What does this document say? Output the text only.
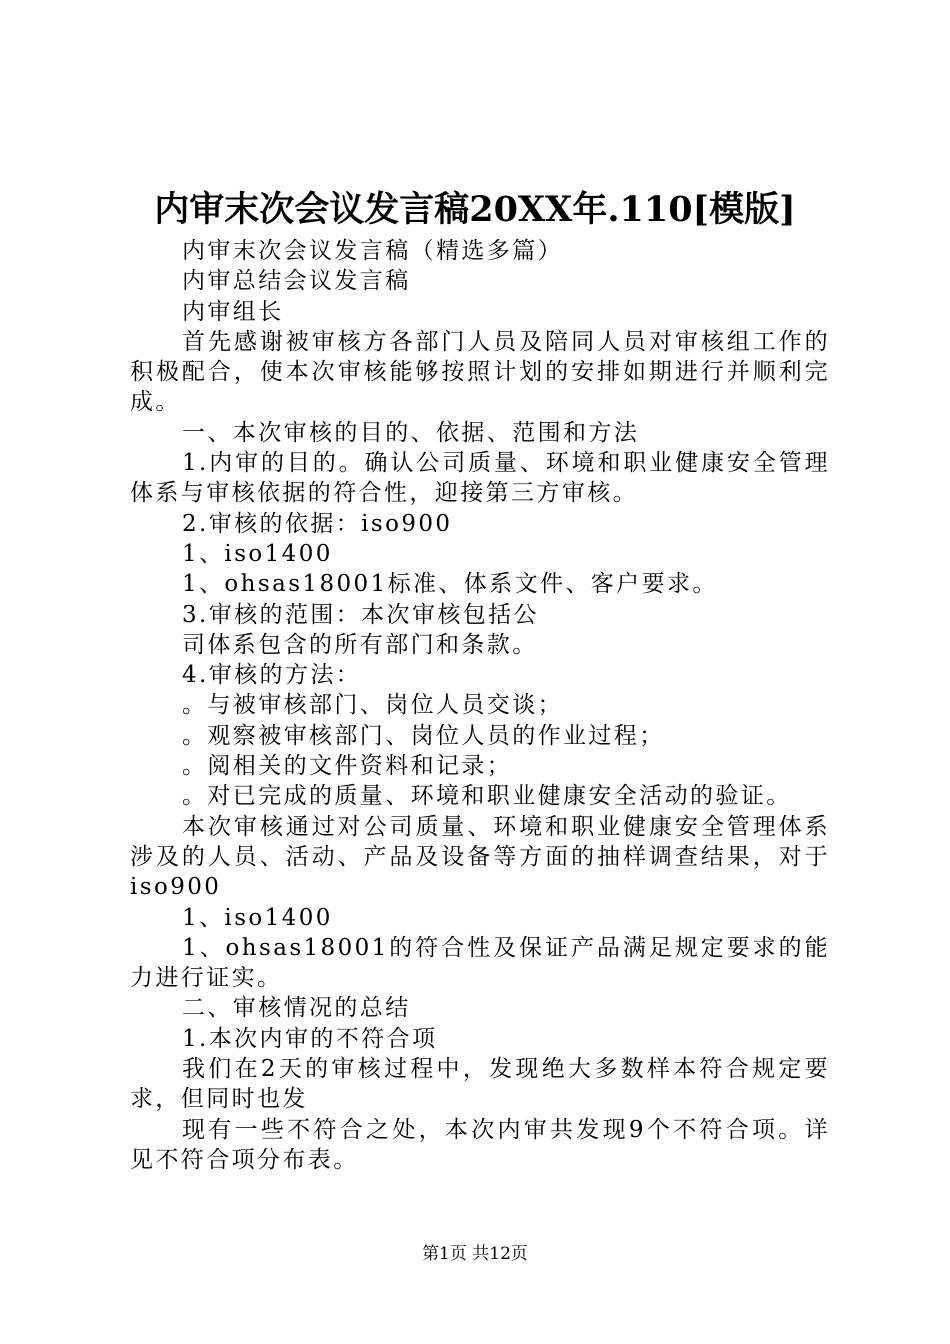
内审末次会议发言稿20XX年.110[模版]

内审末次会议发言稿（精选多篇）

内审总结会议发言稿

内审组长

首先感谢被审核方各部门人员及陪同人员对审核组工作的积极配合，使本次审核能够按照计划的安排如期进行并顺利完成。

一、本次审核的目的、依据、范围和方法

1.内审的目的。确认公司质量、环境和职业健康安全管理体系与审核依据的符合性，迎接第三方审核。

2.审核的依据：iso900

1、iso1400

1、ohsas18001标准、体系文件、客户要求。

3.审核的范围：本次审核包括公

司体系包含的所有部门和条款。

4.审核的方法：

。与被审核部门、岗位人员交谈；

。观察被审核部门、岗位人员的作业过程；

。阅相关的文件资料和记录；

。对已完成的质量、环境和职业健康安全活动的验证。

本次审核通过对公司质量、环境和职业健康安全管理体系涉及的人员、活动、产品及设备等方面的抽样调查结果，对于iso900

1、iso1400

1、ohsas18001的符合性及保证产品满足规定要求的能力进行证实。

二、审核情况的总结

1.本次内审的不符合项

我们在2天的审核过程中，发现绝大多数样本符合规定要求，但同时也发

现有一些不符合之处，本次内审共发现9个不符合项。详见不符合项分布表。

第1页 共12页
